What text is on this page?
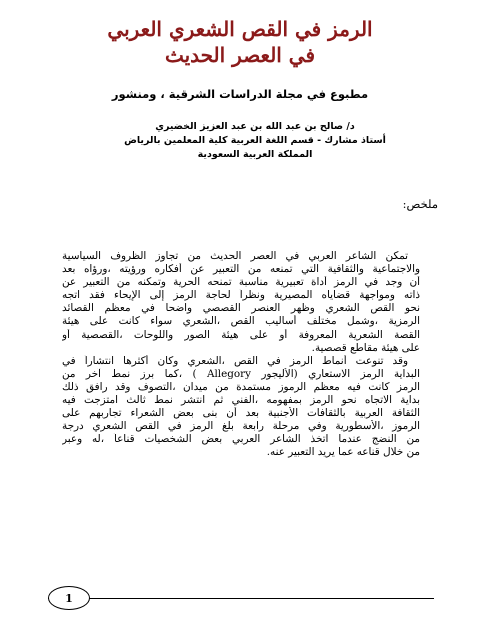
الرمز في القص الشعري العربي
في العصر الحديث
مطبوع في مجلة الدراسات الشرقية ، ومنشور
د/ صالح بن عبد الله بن عبد العزيز الخضيري
أستاذ مشارك - قسم اللغة العربية كلية المعلمين بالرياض
المملكة العربية السعودية
ملخص:
تمكن الشاعر العربي في العصر الحديث من تجاوز الظروف السياسية
والاجتماعية والثقافية التي تمنعه من التعبير عن أفكاره ورؤيته ،ورؤاه بعد
أن وجد في الرمز أداة تعبيرية مناسبة تمنحه الحرية وتمكنه من التعبير عن
ذاته ومواجهة قضاياه المصيرية ونظراً لحاجة الرمز إلى الإيحاء فقد اتجه
نحو القص الشعري وظهر العنصر القصصي واضحا في معظم القصائد
الرمزية ،وشمل مختلف أساليب القص ،الشعري سواء كانت على هيئة
القصة الشعرية المعروفة أو على هيئة الصور واللوحات ،القصصية أو
على هيئة مقاطع قصصية.
وقد تنوعت أنماط الرمز في القص ،الشعري وكان أكثرها انتشاراً في
البداية الرمز الاستعاري (الأليجور Allegory ) ،كما برز نمط آخر من
الرمز كانت فيه معظم الرموز مستمدة من ميدان ،التصوف وقد رافق ذلك
بداية الاتجاه نحو الرمز بمفهومه ،الفني ثم انتشر نمط ثالث امتزجت فيه
الثقافة العربية بالثقافات الأجنبية بعد أن بنى بعض الشعراء تجاربهم على
الرموز ،الأسطورية وفي مرحلة رابعة بلغ الرمز في القص الشعري درجة
من النضج عندما اتخذ الشاعر العربي بعض الشخصيات قناعاً ،له وعبر
من خلال قناعه عما يريد التعبير عنه.
1
